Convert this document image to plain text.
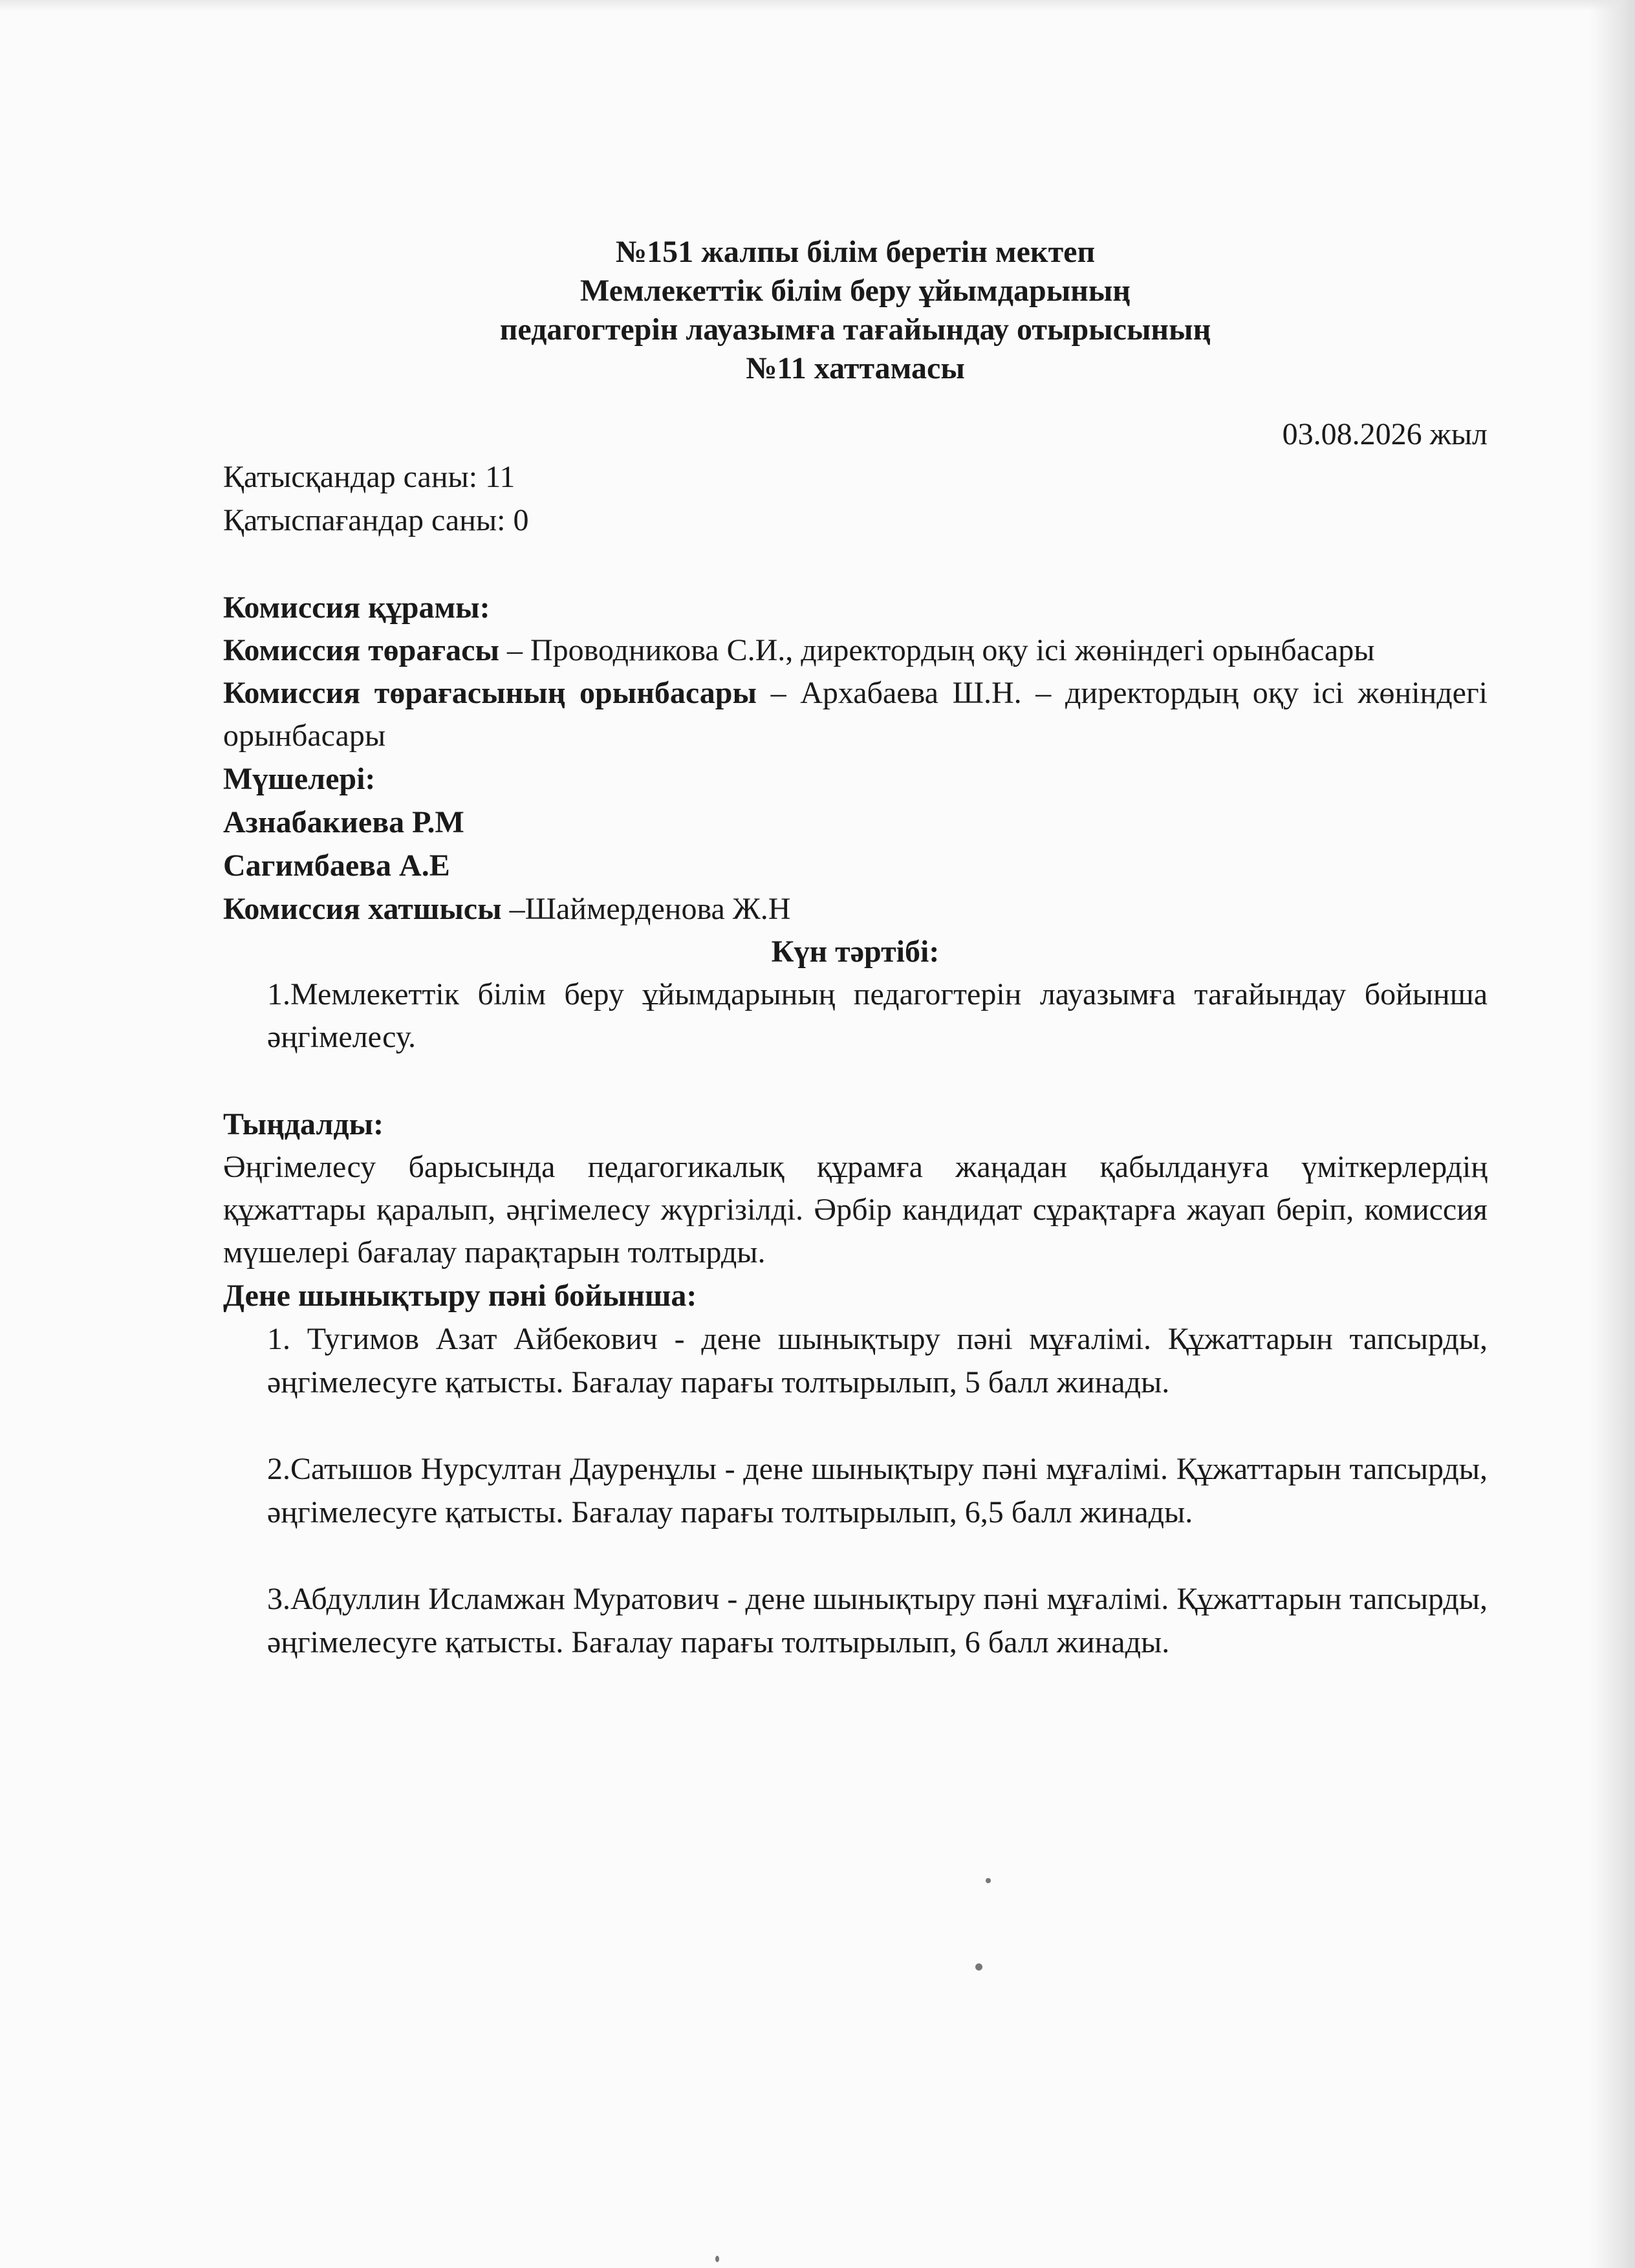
№151 жалпы білім беретін мектеп
Мемлекеттік білім беру ұйымдарының
педагогтерін лауазымға тағайындау отырысының
№11 хаттамасы
03.08.2026 жыл
Қатысқандар саны: 11
Қатыспағандар саны: 0
Комиссия құрамы:
Комиссия төрағасы – Проводникова С.И., директордың оқу ісі жөніндегі орынбасары
Комиссия төрағасының орынбасары – Архабаева Ш.Н. – директордың оқу ісі жөніндегі орынбасары
Мүшелері:
Азнабакиева Р.М
Сагимбаева А.Е
Комиссия хатшысы –Шаймерденова Ж.Н
Күн тәртібі:
1.Мемлекеттік білім беру ұйымдарының педагогтерін лауазымға тағайындау бойынша әңгімелесу.
Тыңдалды:
Әңгімелесу барысында педагогикалық құрамға жаңадан қабылдануға үміткерлердің құжаттары қаралып, әңгімелесу жүргізілді. Әрбір кандидат сұрақтарға жауап беріп, комиссия мүшелері бағалау парақтарын толтырды.
Дене шынықтыру пәні бойынша:
1. Тугимов Азат Айбекович - дене шынықтыру пәні мұғалімі. Құжаттарын тапсырды, әңгімелесуге қатысты. Бағалау парағы толтырылып, 5 балл жинады.
2.Сатышов Нурсултан Дауренұлы - дене шынықтыру пәні мұғалімі. Құжаттарын тапсырды, әңгімелесуге қатысты. Бағалау парағы толтырылып, 6,5 балл жинады.
3.Абдуллин Исламжан Муратович - дене шынықтыру пәні мұғалімі. Құжаттарын тапсырды, әңгімелесуге қатысты. Бағалау парағы толтырылып, 6 балл жинады.
